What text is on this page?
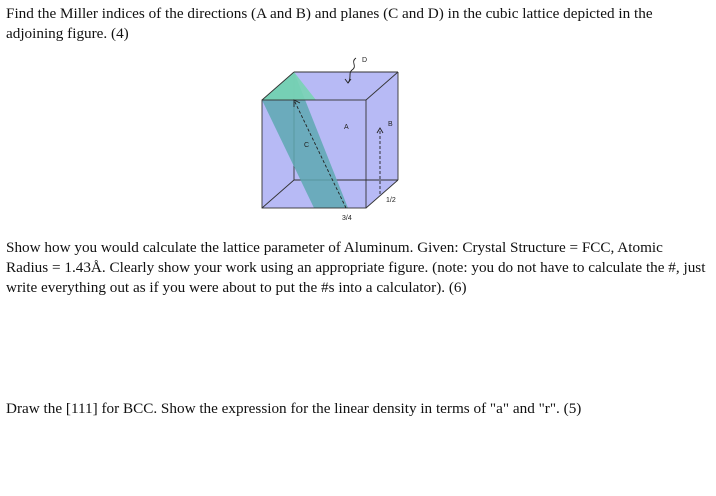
Find the Miller indices of the directions (A and B) and planes (C and D) in the cubic lattice depicted in the adjoining figure. (4)

D
A	B
C
1/2
3/4

Show how you would calculate the lattice parameter of Aluminum. Given: Crystal Structure = FCC, Atomic Radius = 1.43Å. Clearly show your work using an appropriate figure. (note: you do not have to calculate the #, just write everything out as if you were about to put the #s into a calculator). (6)

Draw the [111] for BCC. Show the expression for the linear density in terms of "a" and "r". (5)
